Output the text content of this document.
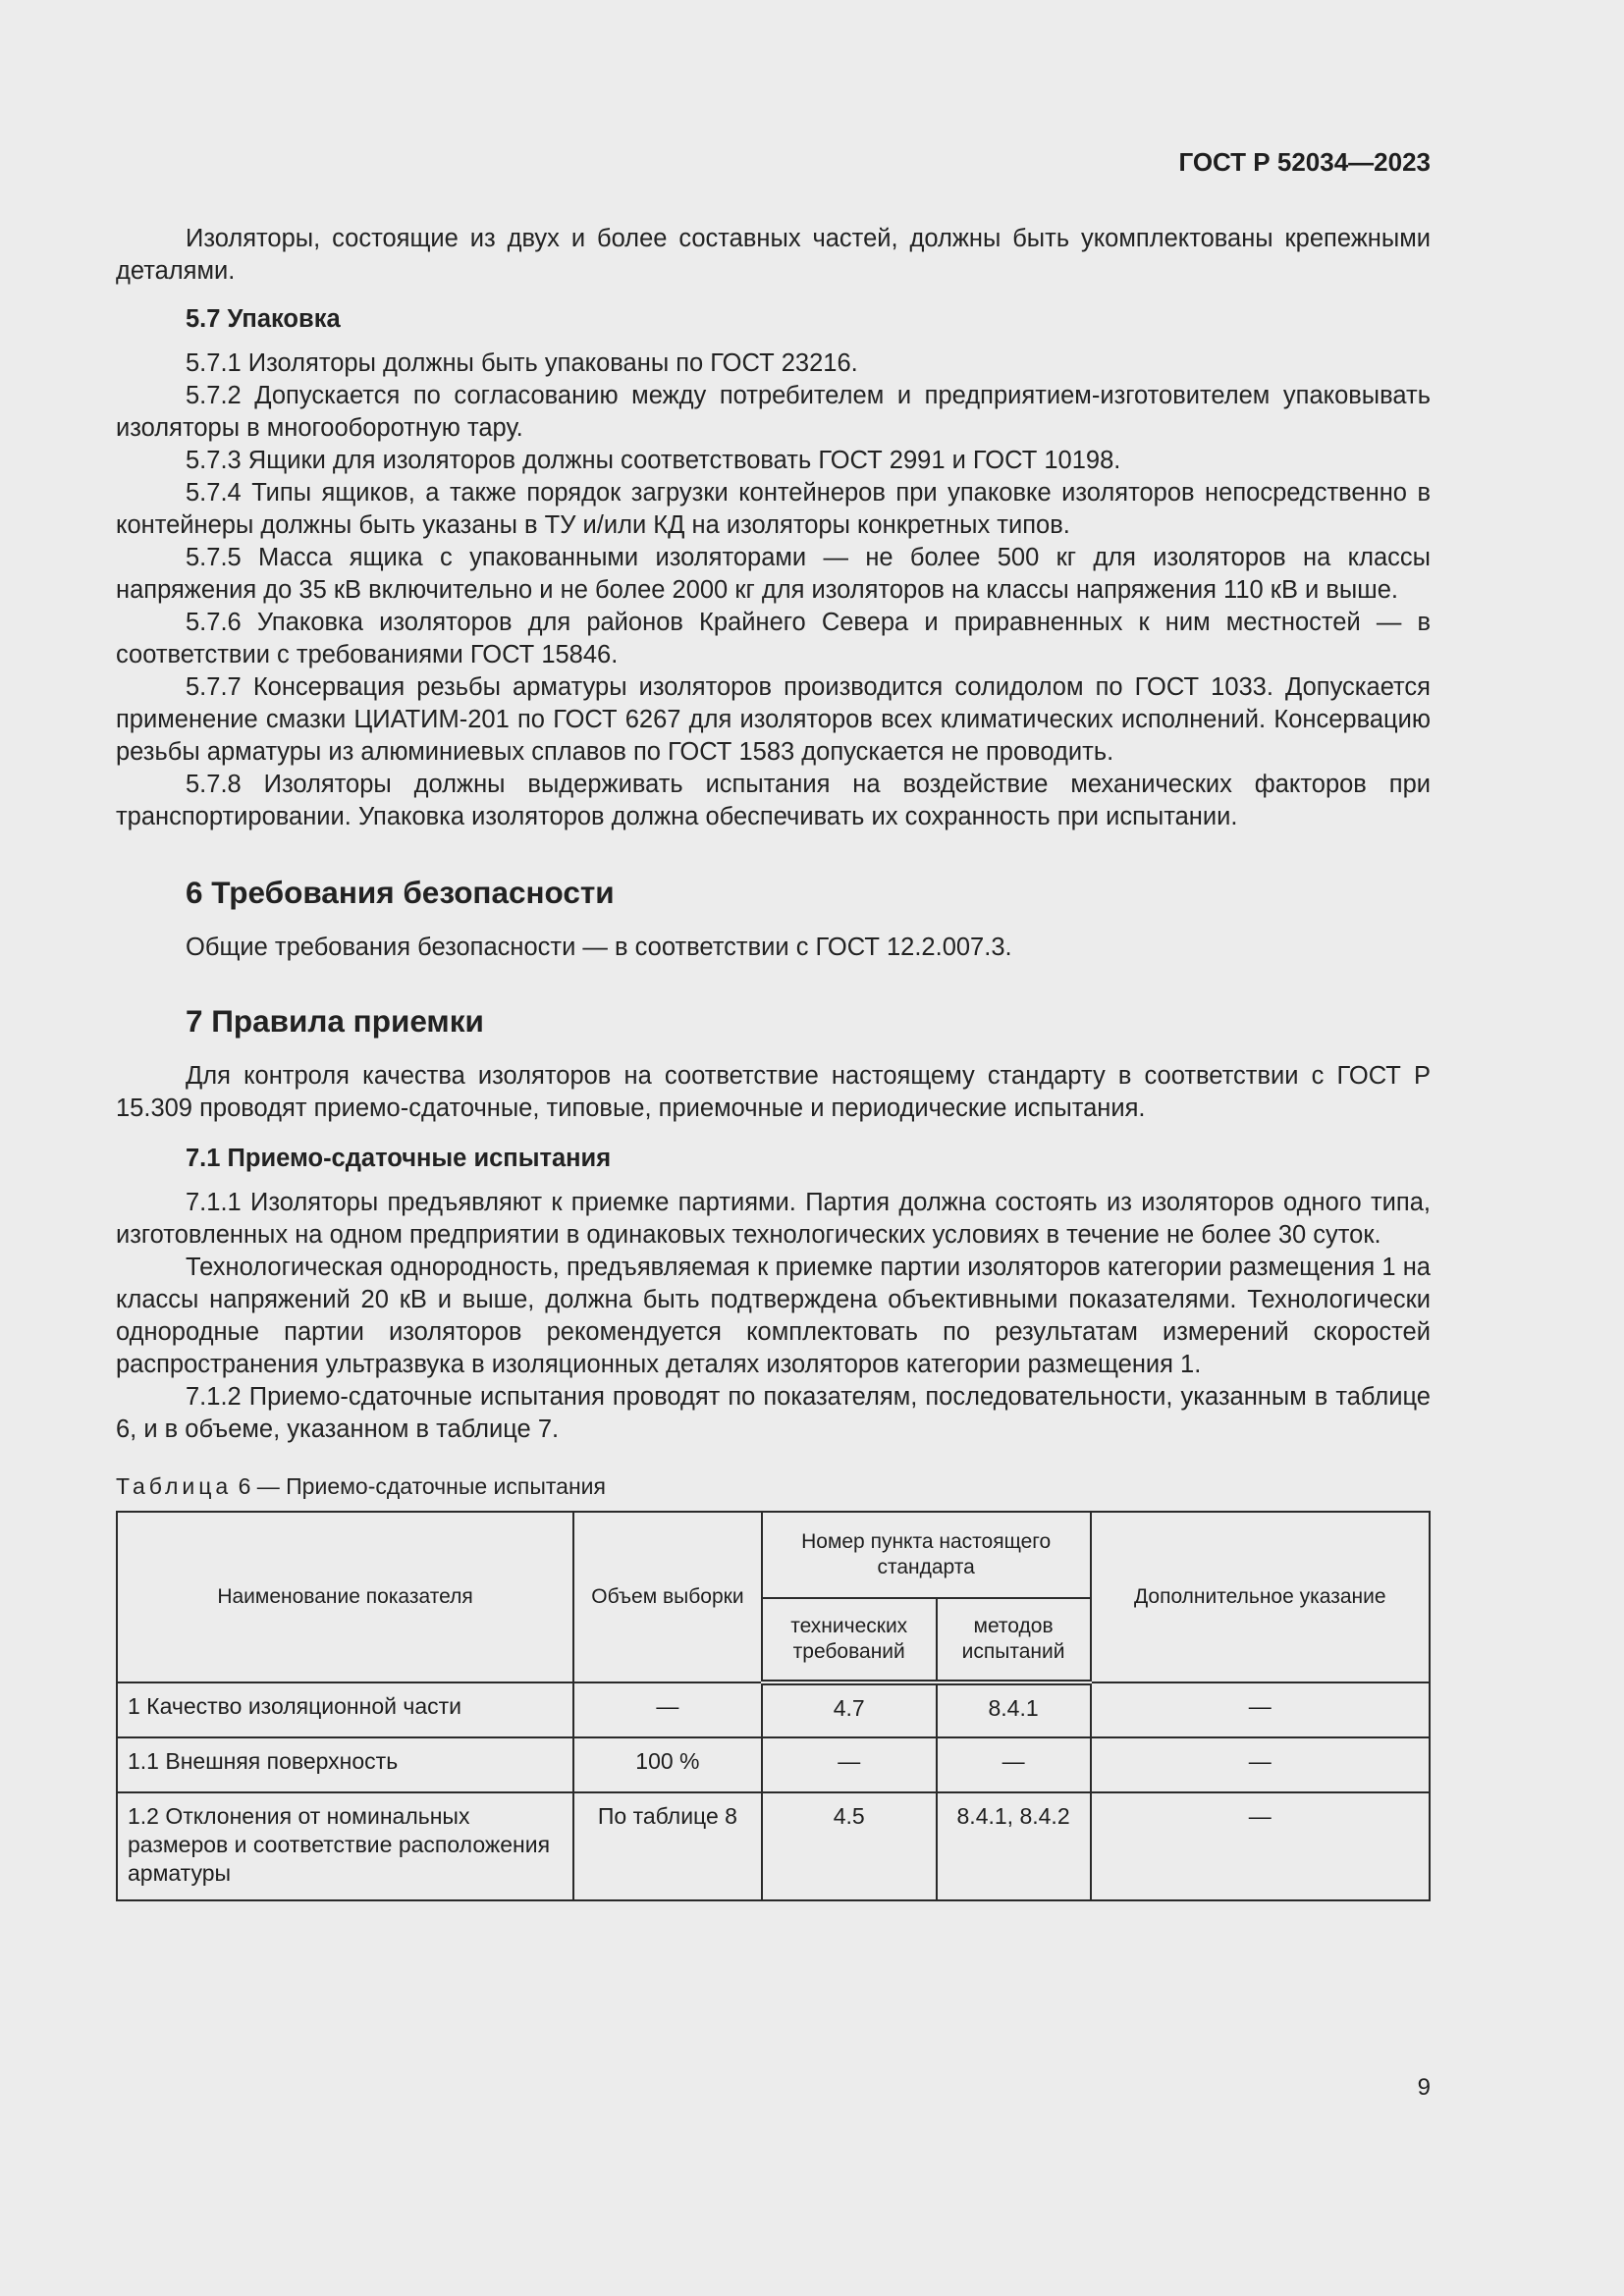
ГОСТ Р 52034—2023

Изоляторы, состоящие из двух и более составных частей, должны быть укомплектованы крепежными деталями.

5.7 Упаковка

5.7.1 Изоляторы должны быть упакованы по ГОСТ 23216.

5.7.2 Допускается по согласованию между потребителем и предприятием-изготовителем упаковывать изоляторы в многооборотную тару.

5.7.3 Ящики для изоляторов должны соответствовать ГОСТ 2991 и ГОСТ 10198.

5.7.4 Типы ящиков, а также порядок загрузки контейнеров при упаковке изоляторов непосредственно в контейнеры должны быть указаны в ТУ и/или КД на изоляторы конкретных типов.

5.7.5 Масса ящика с упакованными изоляторами — не более 500 кг для изоляторов на классы напряжения до 35 кВ включительно и не более 2000 кг для изоляторов на классы напряжения 110 кВ и выше.

5.7.6 Упаковка изоляторов для районов Крайнего Севера и приравненных к ним местностей — в соответствии с требованиями ГОСТ 15846.

5.7.7 Консервация резьбы арматуры изоляторов производится солидолом по ГОСТ 1033. Допускается применение смазки ЦИАТИМ-201 по ГОСТ 6267 для изоляторов всех климатических исполнений. Консервацию резьбы арматуры из алюминиевых сплавов по ГОСТ 1583 допускается не проводить.

5.7.8 Изоляторы должны выдерживать испытания на воздействие механических факторов при транспортировании. Упаковка изоляторов должна обеспечивать их сохранность при испытании.

6 Требования безопасности

Общие требования безопасности — в соответствии с ГОСТ 12.2.007.3.

7 Правила приемки

Для контроля качества изоляторов на соответствие настоящему стандарту в соответствии с ГОСТ Р 15.309 проводят приемо-сдаточные, типовые, приемочные и периодические испытания.

7.1 Приемо-сдаточные испытания

7.1.1 Изоляторы предъявляют к приемке партиями. Партия должна состоять из изоляторов одного типа, изготовленных на одном предприятии в одинаковых технологических условиях в течение не более 30 суток.

Технологическая однородность, предъявляемая к приемке партии изоляторов категории размещения 1 на классы напряжений 20 кВ и выше, должна быть подтверждена объективными показателями. Технологически однородные партии изоляторов рекомендуется комплектовать по результатам измерений скоростей распространения ультразвука в изоляционных деталях изоляторов категории размещения 1.

7.1.2 Приемо-сдаточные испытания проводят по показателям, последовательности, указанным в таблице 6, и в объеме, указанном в таблице 7.

Таблица 6 — Приемо-сдаточные испытания

Наименование показателя	Объем выборки	Номер пункта настоящего стандарта		Дополнительное указание
		технических требований	методов испытаний	
1 Качество изоляционной части	—	4.7	8.4.1	—
1.1 Внешняя поверхность	100 %	—	—	—
1.2 Отклонения от номинальных размеров и соответствие расположения арматуры	По таблице 8	4.5	8.4.1, 8.4.2	—
9
